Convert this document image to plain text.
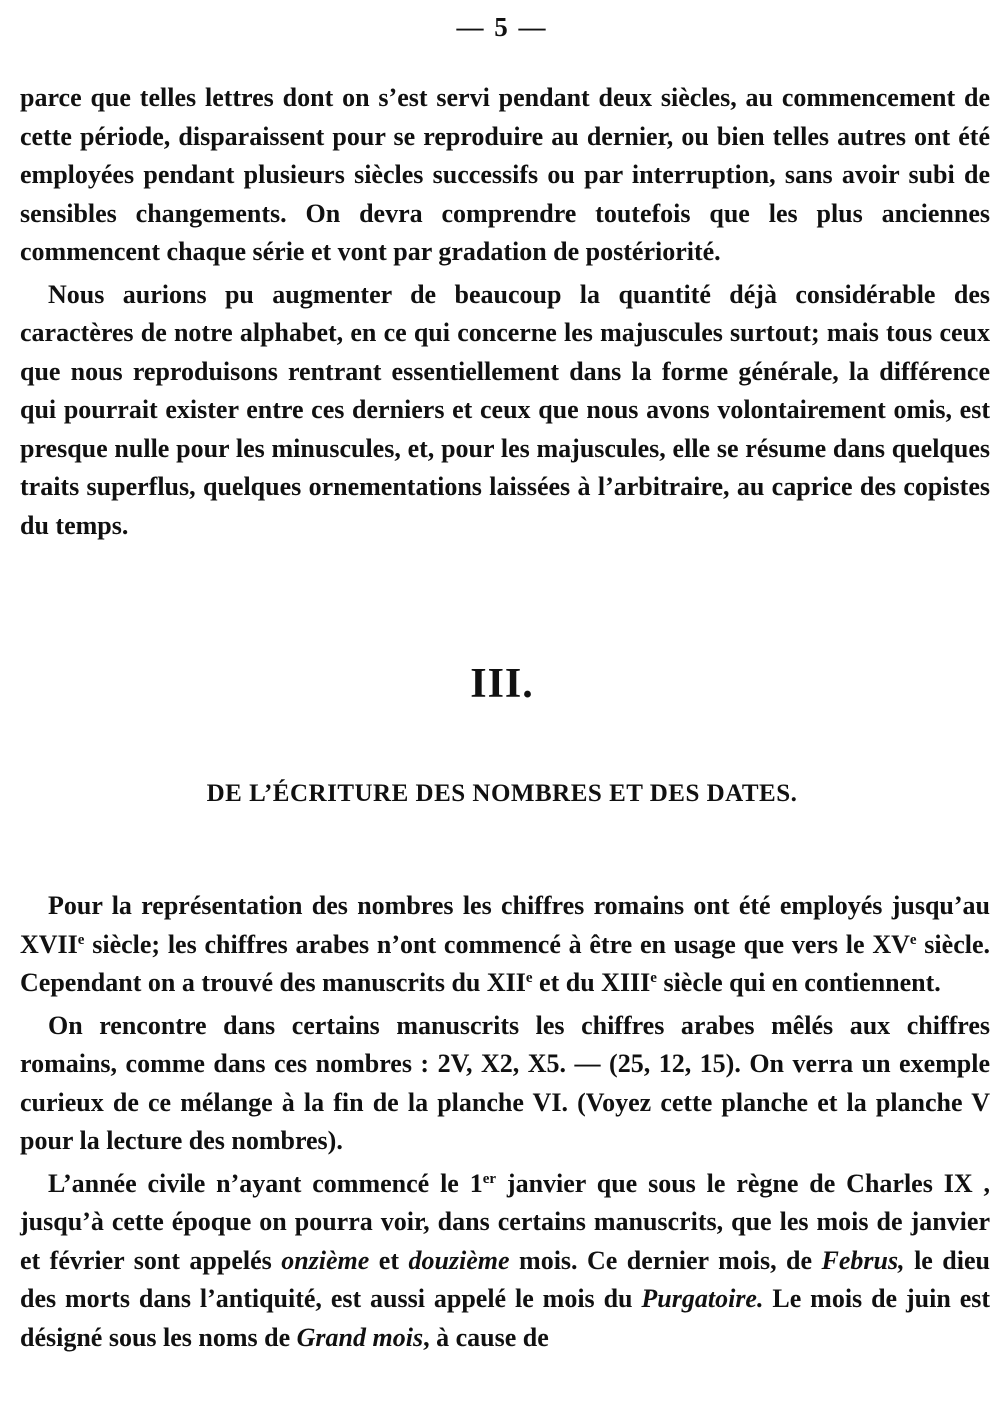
— 5 —

parce que telles lettres dont on s’est servi pendant deux siècles, au commencement de cette période, disparaissent pour se reproduire au dernier, ou bien telles autres ont été employées pendant plusieurs siècles successifs ou par interruption, sans avoir subi de sensibles changements. On devra comprendre toutefois que les plus anciennes commencent chaque série et vont par gradation de postériorité.

Nous aurions pu augmenter de beaucoup la quantité déjà considérable des caractères de notre alphabet, en ce qui concerne les majuscules surtout; mais tous ceux que nous reproduisons rentrant essentiellement dans la forme générale, la différence qui pourrait exister entre ces derniers et ceux que nous avons volontairement omis, est presque nulle pour les minuscules, et, pour les majuscules, elle se résume dans quelques traits superflus, quelques ornementations laissées à l’arbitraire, au caprice des copistes du temps.

III.
DE L’ÉCRITURE DES NOMBRES ET DES DATES.

Pour la représentation des nombres les chiffres romains ont été employés jusqu’au XVIIe siècle; les chiffres arabes n’ont commencé à être en usage que vers le XVe siècle. Cependant on a trouvé des manuscrits du XIIe et du XIIIe siècle qui en contiennent.

On rencontre dans certains manuscrits les chiffres arabes mêlés aux chiffres romains, comme dans ces nombres : 2V, X2, X5. — (25, 12, 15). On verra un exemple curieux de ce mélange à la fin de la planche VI. (Voyez cette planche et la planche V pour la lecture des nombres).

L’année civile n’ayant commencé le 1er janvier que sous le règne de Charles IX , jusqu’à cette époque on pourra voir, dans certains manuscrits, que les mois de janvier et février sont appelés onzième et douzième mois. Ce dernier mois, de Februs, le dieu des morts dans l’antiquité, est aussi appelé le mois du Purgatoire. Le mois de juin est désigné sous les noms de Grand mois, à cause de
